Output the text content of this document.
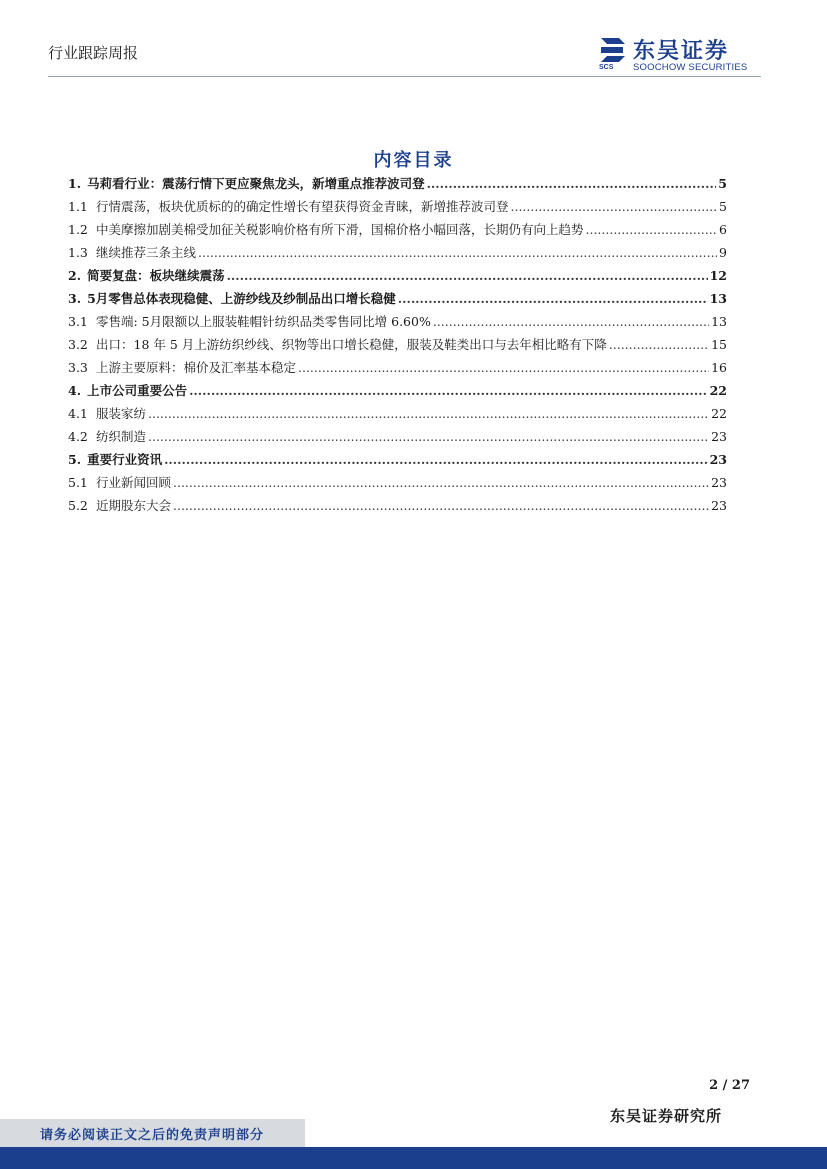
行业跟踪周报
SCS
东吴证券
SOOCHOW SECURITIES
内容目录
1. 马莉看行业：震荡行情下更应聚焦龙头，新增重点推荐波司登 .....	5
1.1 行情震荡，板块优质标的的确定性增长有望获得资金青睐，新增推荐波司登 .....	5
1.2 中美摩擦加剧美棉受加征关税影响价格有所下滑，国棉价格小幅回落，长期仍有向上趋势 .....	6
1.3 继续推荐三条主线 .....	9
2. 简要复盘：板块继续震荡 .....	12
3. 5月零售总体表现稳健、上游纱线及纱制品出口增长稳健 .....	13
3.1 零售端: 5月限额以上服装鞋帽针纺织品类零售同比增 6.60% .....	13
3.2 出口：18 年 5 月上游纺织纱线、织物等出口增长稳健，服装及鞋类出口与去年相比略有下降 .....	15
3.3 上游主要原料：棉价及汇率基本稳定 .....	16
4. 上市公司重要公告 .....	22
4.1 服装家纺 .....	22
4.2 纺织制造 .....	23
5. 重要行业资讯 .....	23
5.1 行业新闻回顾 .....	23
5.2 近期股东大会 .....	23
2 / 27
东吴证券研究所
请务必阅读正文之后的免责声明部分
